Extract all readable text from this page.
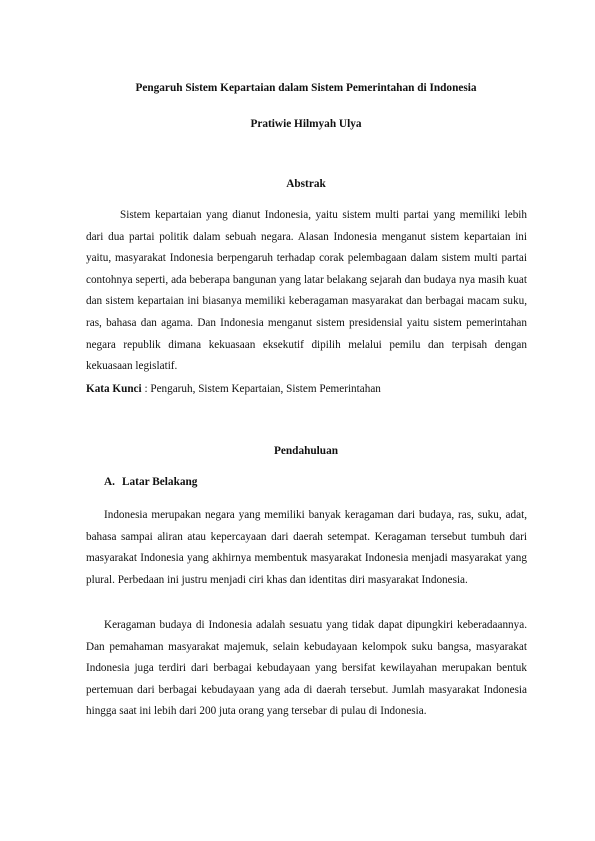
Pengaruh Sistem Kepartaian dalam Sistem Pemerintahan di Indonesia
Pratiwie Hilmyah Ulya
Abstrak

Sistem kepartaian yang dianut Indonesia, yaitu sistem multi partai yang memiliki lebih dari dua partai politik dalam sebuah negara. Alasan Indonesia menganut sistem kepartaian ini yaitu, masyarakat Indonesia berpengaruh terhadap corak pelembagaan dalam sistem multi partai contohnya seperti, ada beberapa bangunan yang latar belakang sejarah dan budaya nya masih kuat dan sistem kepartaian ini biasanya memiliki keberagaman masyarakat dan berbagai macam suku, ras, bahasa dan agama. Dan Indonesia menganut sistem presidensial yaitu sistem pemerintahan negara republik dimana kekuasaan eksekutif dipilih melalui pemilu dan terpisah dengan kekuasaan legislatif.

Kata Kunci : Pengaruh, Sistem Kepartaian, Sistem Pemerintahan
Pendahuluan
A. Latar Belakang

Indonesia merupakan negara yang memiliki banyak keragaman dari budaya, ras, suku, adat, bahasa sampai aliran atau kepercayaan dari daerah setempat. Keragaman tersebut tumbuh dari masyarakat Indonesia yang akhirnya membentuk masyarakat Indonesia menjadi masyarakat yang plural. Perbedaan ini justru menjadi ciri khas dan identitas diri masyarakat Indonesia.

Keragaman budaya di Indonesia adalah sesuatu yang tidak dapat dipungkiri keberadaannya. Dan pemahaman masyarakat majemuk, selain kebudayaan kelompok suku bangsa, masyarakat Indonesia juga terdiri dari berbagai kebudayaan yang bersifat kewilayahan merupakan bentuk pertemuan dari berbagai kebudayaan yang ada di daerah tersebut. Jumlah masyarakat Indonesia hingga saat ini lebih dari 200 juta orang yang tersebar di pulau di Indonesia.
